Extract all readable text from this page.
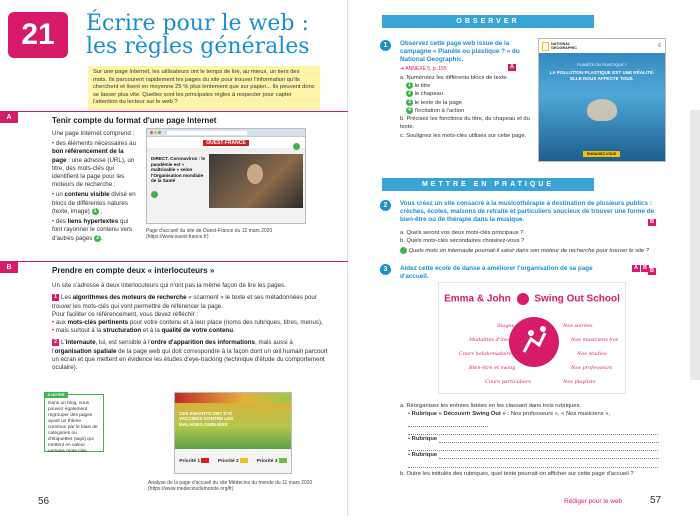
21	Écrire pour le web :
les règles générales
Sur une page Internet, les utilisateurs ont le temps de lire, au mieux, un tiers des mots. Ils parcourent rapidement les pages du site pour trouver l'information qu'ils cherchent et lisent en moyenne 25 % plus lentement que sur papier... Ils peuvent donc se lasser plus vite. Quelles sont les principales règles à respecter pour capter l'attention du lecteur sur le web ?
A	Tenir compte du format d'une page Internet
Une page Internet comprend :
• des éléments nécessaires au bon référencement de la page : une adresse (URL), un titre, des mots-clés qui identifient la page pour les moteurs de recherche ;
• un contenu visible divisé en blocs de différentes natures (texte, image) 1 ;
• des liens hypertextes qui font rayonner le contenu vers d'autres pages 2 .
OUEST-FRANCE
DIRECT. Coronavirus : le pandémie est « maîtrisable » selon l'Organisation mondiale de la Santé
Page d'accueil du site de Ouest-France du 12 mars 2020 (https://www.ouest-france.fr)
B	Prendre en compte deux « interlocuteurs »
Un site s'adresse à deux interlocuteurs qui n'ont pas la même façon de lire les pages.
1 Les algorithmes des moteurs de recherche « scannent » le texte et ses métadonnées pour trouver les mots-clés qui vont permettre de référencer la page.
Pour faciliter ce référencement, vous devez réfléchir :
• aux mots-clés pertinents pour votre contenu et à leur place (noms des rubriques, titres, menus),
• mais surtout à la structuration et à la qualité de votre contenu.
2 L'internaute, lui, est sensible à l'ordre d'apparition des informations, mais aussi à l'organisation spatiale de la page web qui doit correspondre à la façon dont un œil humain parcourt un écran et que mettent en évidence les études d'eye-tracking (technique d'étude du comportement oculaire).
Dans un blog, vous pouvez également regrouper des pages ayant un thème commun par le biais de catégories ou d'étiquettes (tags) qui mettent en valeur certains mots-clés.
À NOTER
CES ENFANTS ONT ÉTÉ VACCINÉS CONTRE LES MALADIES OUBLIÉES
Priorité 1	Priorité 2	Priorité 3
Analyse de la page d'accueil du site Médecins du monde du 11 mars 2020 (https://www.medecinsdumonde.org/fr)
56
OBSERVER
1	Observez cette page web issue de la campagne « Planète ou plastique ? » du National Geographic.
➔ ANNEXE 5, p. 155	A
a. Numérotez les différents blocs de texte.
1 le titre
2 le chapeau
3 le texte de la page
4 l'incitation à l'action
b. Précisez les fonctions du titre, du chapeau et du texte.
c. Soulignez les mots-clés utilisés sur cette page.
NATIONAL GEOGRAPHIC	≡
PLANÈTE OU PLASTIQUE ?
LA POLLUTION PLASTIQUE EST UNE RÉALITÉ. ELLE NOUS AFFECTE TOUS.
ENGAGEZ-VOUS
METTRE EN PRATIQUE
2	Vous créez un site consacré à la musicothérapie à destination de plusieurs publics : crèches, écoles, maisons de retraite et particuliers soucieux de trouver une forme de bien-être ou de thérapie dans la musique.	B
a. Quels seront vos deux mots-clés principaux ?
b. Quels mots-clés secondaires choisirez-vous ?
Quels mots un internaute pourrait-il saisir dans son moteur de recherche pour trouver le site ?
B
3	Aidez cette école de danse à améliorer l'organisation de sa page d'accueil.
A B
Emma & John Swing Out School
Stages
Modalités d'inscription
Cours hebdomadaires
Bien-être et swing
Cours particuliers
Nos soirées
Nos musiciens live
Nos studios
Nos professeurs
Nos playlists
a. Réorganisez les entrées listées en les classant dans trois rubriques.
• Rubrique « Découvrir Swing Out » : Nos professeurs », « Nos musiciens »,
• Rubrique
• Rubrique
b. Outre les intitulés des rubriques, quel texte pourrait-on afficher sur cette page d'accueil ?
Rédiger pour le web	57
